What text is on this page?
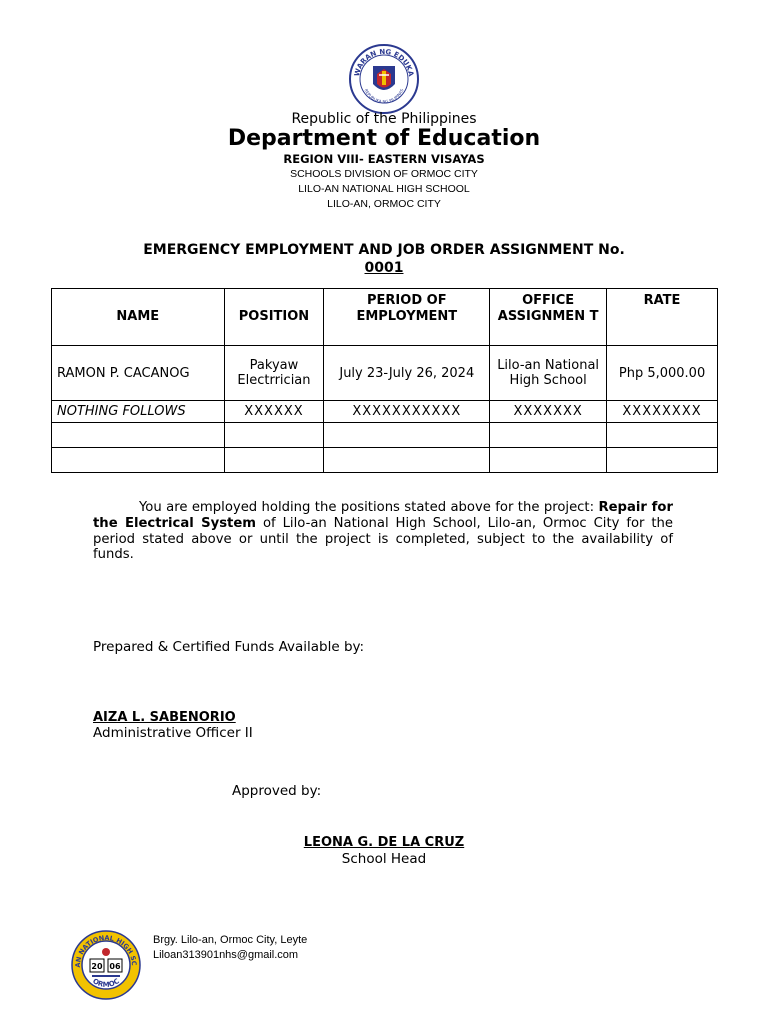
WARAN NG EDUKA
REPUBLIKA NG PILIPINAS
Republic of the Philippines
Department of Education
REGION VIII- EASTERN VISAYAS
SCHOOLS DIVISION OF ORMOC CITY
LILO-AN NATIONAL HIGH SCHOOL
LILO-AN, ORMOC CITY
EMERGENCY EMPLOYMENT AND JOB ORDER ASSIGNMENT No.
0001
NAME	POSITION	PERIOD OF EMPLOYMENT	OFFICE ASSIGNMEN T	RATE
RAMON P. CACANOG	Pakyaw Electrrician	July 23-July 26, 2024	Lilo-an National High School	Php 5,000.00
NOTHING FOLLOWS	XXXXXX	XXXXXXXXXXX	XXXXXXX	XXXXXXXX

You are employed holding the positions stated above for the project: Repair for the Electrical System of Lilo-an National High School, Lilo-an, Ormoc City for the period stated above or until the project is completed, subject to the availability of funds.
Prepared & Certified Funds Available by:
AIZA L. SABENORIO
Administrative Officer II
Approved by:
LEONA G. DE LA CRUZ
School Head
AN NATIONAL HIGH SC
ORMOC
20 06
Brgy. Lilo-an, Ormoc City, Leyte
Liloan313901nhs@gmail.com
